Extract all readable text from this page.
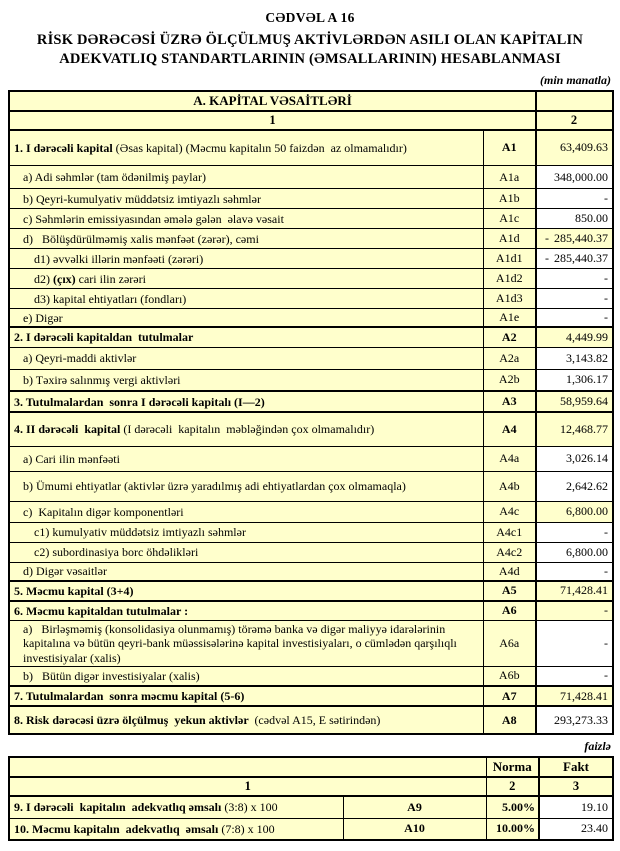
CƏDVƏL A 16
RİSK DƏRƏCƏSİ ÜZRƏ ÖLÇÜLMUŞ AKTİVLƏRDƏN ASILI OLAN KAPİTALIN
ADEKVATLIQ STANDARTLARININ (ƏMSALLARININ) HESABLANMASI
(min manatla)
A. KAPİTAL VƏSAİTLƏRİ		
1		2
1. I dərəcəli kapital (Əsas kapital) (Məcmu kapitalın 50 faizdən  az olmamalıdır)	A1	63,409.63
a) Adi səhmlər (tam ödənilmiş paylar)	A1a	348,000.00
b) Qeyri-kumulyativ müddətsiz imtiyazlı səhmlər	A1b	-
c) Səhmlərin emissiyasından əmələ gələn  əlavə vəsait	A1c	850.00
d)   Bölüşdürülməmiş xalis mənfəət (zərər), cəmi	A1d	- 285,440.37

d1) əvvəlki illərin mənfəəti (zərəri)	A1d1	- 285,440.37

d2) (çıx) cari ilin zərəri	A1d2	-
d3) kapital ehtiyatları (fondları)	A1d3	-
e) Digər	A1e	-
2. I dərəcəli kapitaldan  tutulmalar	A2	4,449.99
a) Qeyri-maddi aktivlər	A2a	3,143.82
b) Təxirə salınmış vergi aktivləri	A2b	1,306.17
3. Tutulmalardan  sonra I dərəcəli kapitalı (I—2)	A3	58,959.64
4. II dərəcəli  kapital (I dərəcəli  kapitalın  məbləğindən çox olmamalıdır)	A4	12,468.77
a) Cari ilin mənfəəti	A4a	3,026.14
b) Ümumi ehtiyatlar (aktivlər üzrə yaradılmış adi ehtiyatlardan çox olmamaqla)	A4b	2,642.62
c)  Kapitalın digər komponentləri	A4c	6,800.00
c1) kumulyativ müddətsiz imtiyazlı səhmlər	A4c1	-
c2) subordinasiya borc öhdəlikləri	A4c2	6,800.00
d) Digər vəsaitlər	A4d	-
5. Məcmu kapital (3+4)	A5	71,428.41
6. Məcmu kapitaldan tutulmalar :	A6	-
a)   Birləşməmiş (konsolidasiya olunmamış) törəmə banka və digər maliyyə idarələrinin kapitalına və bütün qeyri-bank müəssisələrinə kapital investisiyaları, o cümlədən qarşılıqlı investisiyalar (xalis)	A6a	-
b)   Bütün digər investisiyalar (xalis)	A6b	-
7. Tutulmalardan  sonra məcmu kapital (5-6)	A7	71,428.41
8. Risk dərəcəsi üzrə ölçülmuş  yekun aktivlər  (cədvəl A15, E sətirindən)	A8	293,273.33
faizlə
		Norma	Fakt
1		2	3
9. I dərəcəli  kapitalın  adekvatlıq əmsalı (3:8) x 100	A9	5.00%	19.10
10. Məcmu kapitalın  adekvatlıq  əmsalı (7:8) x 100	A10	10.00%	23.40
